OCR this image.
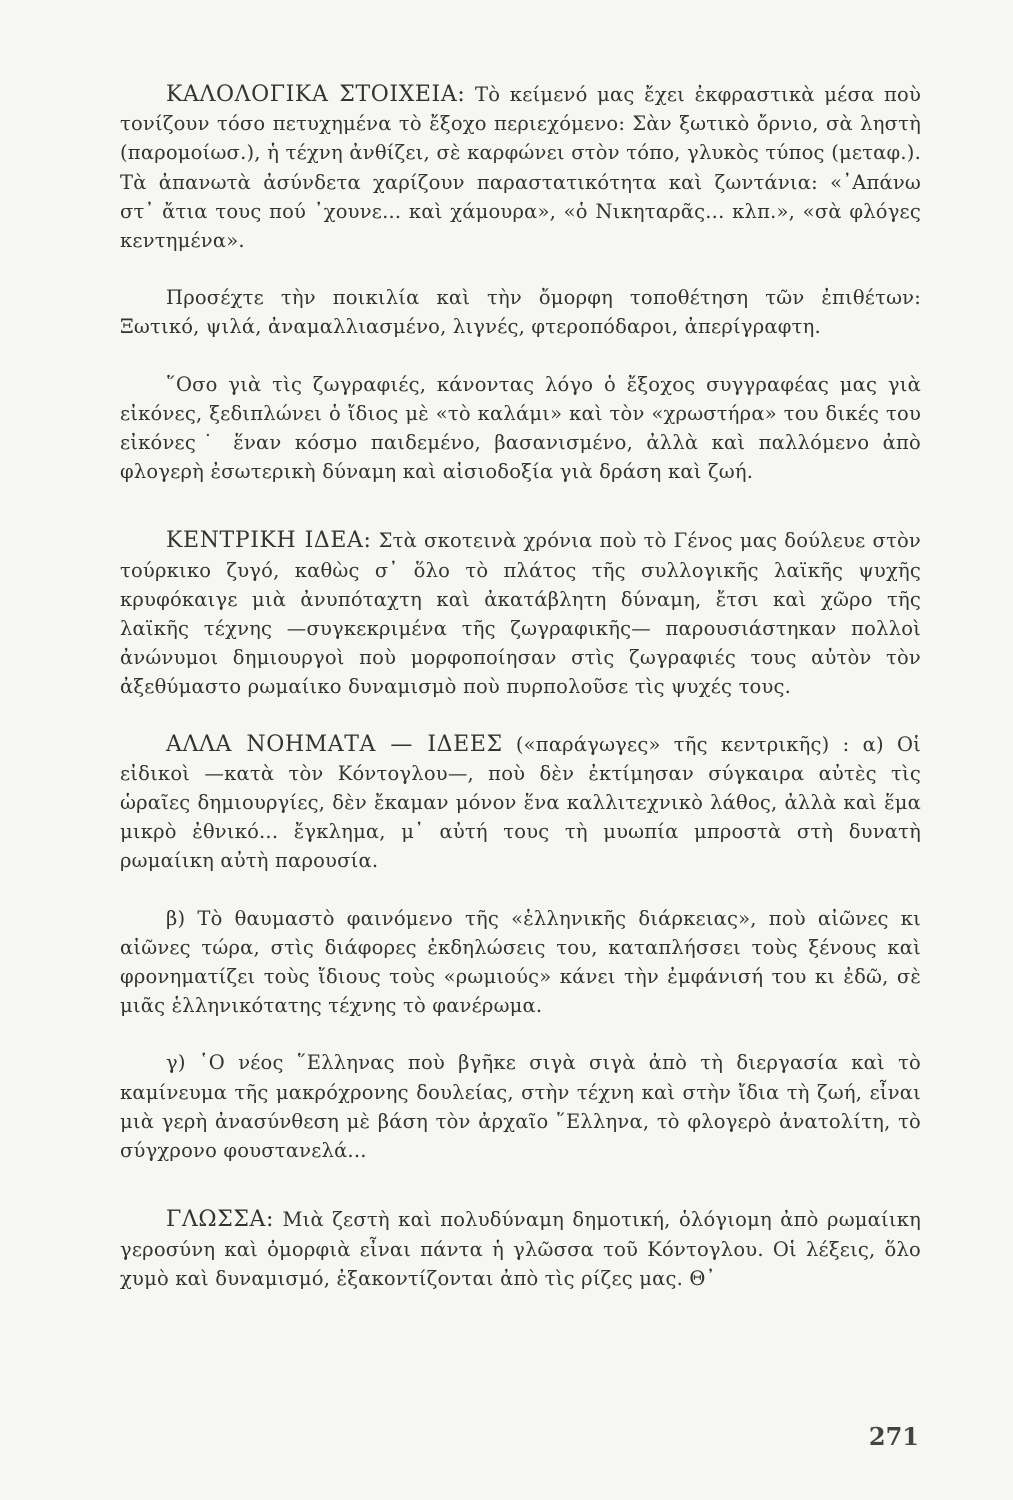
ΚΑΛΟΛΟΓΙΚΑ ΣΤΟΙΧΕΙΑ: Τὸ κείμενό μας ἔχει ἐκφραστικὰ μέσα ποὺ τονίζουν τόσο πετυχημένα τὸ ἔξοχο περιεχόμενο: Σὰν ξωτικὸ ὄρνιο, σὰ ληστὴ (παρομοίωσ.), ἡ τέχνη ἀνθίζει, σὲ καρφώνει στὸν τόπο, γλυκὸς τύπος (μεταφ.). Τὰ ἀπανωτὰ ἀσύνδετα χαρίζουν παραστατικότητα καὶ ζωντάνια: «᾿Απάνω στ᾿ ἄτια τους πού ᾿χουνε... καὶ χάμουρα», «ὁ Νικηταρᾶς... κλπ.», «σὰ φλόγες κεντημένα».

Προσέχτε τὴν ποικιλία καὶ τὴν ὄμορφη τοποθέτηση τῶν ἐπιθέτων: Ξωτικό, ψιλά, ἀναμαλλιασμένο, λιγνές, φτεροπόδαροι, ἀπερίγραφτη.

῞Οσο γιὰ τὶς ζωγραφιές, κάνοντας λόγο ὁ ἔξοχος συγγραφέας μας γιὰ εἰκόνες, ξεδιπλώνει ὁ ἴδιος μὲ «τὸ καλάμι» καὶ τὸν «χρωστήρα» του δικές του εἰκόνες˙ ἕναν κόσμο παιδεμένο, βασανισμένο, ἀλλὰ καὶ παλλόμενο ἀπὸ φλογερὴ ἐσωτερικὴ δύναμη καὶ αἰσιοδοξία γιὰ δράση καὶ ζωή.

ΚΕΝΤΡΙΚΗ ΙΔΕΑ: Στὰ σκοτεινὰ χρόνια ποὺ τὸ Γένος μας δούλευε στὸν τούρκικο ζυγό, καθὼς σ᾿ ὅλο τὸ πλάτος τῆς συλλογικῆς λαϊκῆς ψυχῆς κρυφόκαιγε μιὰ ἀνυπόταχτη καὶ ἀκατάβλητη δύναμη, ἔτσι καὶ χῶρο τῆς λαϊκῆς τέχνης —συγκεκριμένα τῆς ζωγραφικῆς— παρουσιάστηκαν πολλοὶ ἀνώνυμοι δημιουργοὶ ποὺ μορφοποίησαν στὶς ζωγραφιές τους αὐτὸν τὸν ἀξεθύμαστο ρωμαίικο δυναμισμὸ ποὺ πυρπολοῦσε τὶς ψυχές τους.

ΑΛΛΑ ΝΟΗΜΑΤΑ — ΙΔΕΕΣ («παράγωγες» τῆς κεντρικῆς) : α) Οἱ εἰδικοὶ —κατὰ τὸν Κόντογλου—, ποὺ δὲν ἐκτίμησαν σύγκαιρα αὐτὲς τὶς ὡραῖες δημιουργίες, δὲν ἔκαμαν μόνον ἕνα καλλιτεχνικὸ λάθος, ἀλλὰ καὶ ἕμα μικρὸ ἐθνικό... ἔγκλημα, μ᾿ αὐτή τους τὴ μυωπία μπροστὰ στὴ δυνατὴ ρωμαίικη αὐτὴ παρουσία.

β) Τὸ θαυμαστὸ φαινόμενο τῆς «ἑλληνικῆς διάρκειας», ποὺ αἰῶνες κι αἰῶνες τώρα, στὶς διάφορες ἐκδηλώσεις του, καταπλήσσει τοὺς ξένους καὶ φρονηματίζει τοὺς ἴδιους τοὺς «ρωμιούς» κάνει τὴν ἐμφάνισή του κι ἐδῶ, σὲ μιᾶς ἑλληνικότατης τέχνης τὸ φανέρωμα.

γ) ῾Ο νέος ῞Ελληνας ποὺ βγῆκε σιγὰ σιγὰ ἀπὸ τὴ διεργασία καὶ τὸ καμίνευμα τῆς μακρόχρονης δουλείας, στὴν τέχνη καὶ στὴν ἴδια τὴ ζωή, εἶναι μιὰ γερὴ ἀνασύνθεση μὲ βάση τὸν ἀρχαῖο ῞Ελληνα, τὸ φλογερὸ ἀνατολίτη, τὸ σύγχρονο φουστανελά...

ΓΛΩΣΣΑ: Μιὰ ζεστὴ καὶ πολυδύναμη δημοτική, ὁλόγιομη ἀπὸ ρωμαίικη γεροσύνη καὶ ὀμορφιὰ εἶναι πάντα ἡ γλῶσσα τοῦ Κόντογλου. Οἱ λέξεις, ὅλο χυμὸ καὶ δυναμισμό, ἐξακοντίζονται ἀπὸ τὶς ρίζες μας. Θ᾿

271
